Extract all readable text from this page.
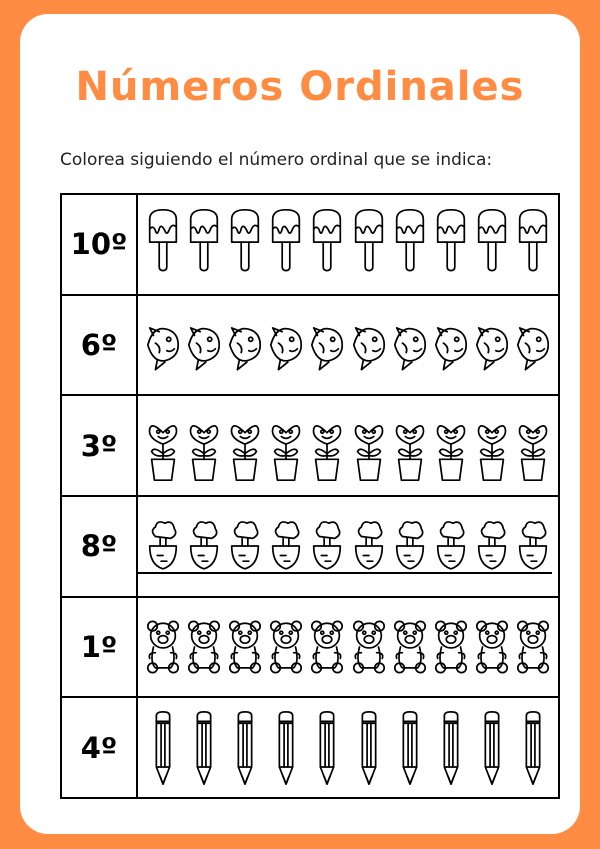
Números Ordinales
Colorea siguiendo el número ordinal que se indica:
10º
6º
3º
8º
1º
4º
